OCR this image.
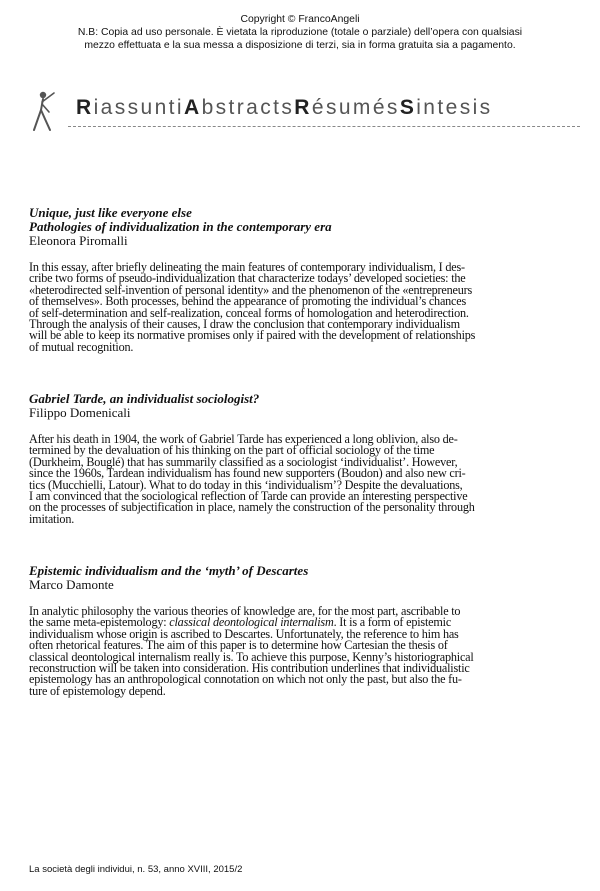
Copyright © FrancoAngeli
N.B: Copia ad uso personale. È vietata la riproduzione (totale o parziale) dell’opera con qualsiasi
mezzo effettuata e la sua messa a disposizione di terzi, sia in forma gratuita sia a pagamento.
RiassuntiAbstractsRésumésSintesis
Unique, just like everyone else
Pathologies of individualization in the contemporary era
Eleonora Piromalli
In this essay, after briefly delineating the main features of contemporary individualism, I des-
cribe two forms of pseudo-individualization that characterize todays’ developed societies: the
«heterodirected self-invention of personal identity» and the phenomenon of the «entrepreneurs
of themselves». Both processes, behind the appearance of promoting the individual’s chances
of self-determination and self-realization, conceal forms of homologation and heterodirection.
Through the analysis of their causes, I draw the conclusion that contemporary individualism
will be able to keep its normative promises only if paired with the development of relationships
of mutual recognition.
Gabriel Tarde, an individualist sociologist?
Filippo Domenicali
After his death in 1904, the work of Gabriel Tarde has experienced a long oblivion, also de-
termined by the devaluation of his thinking on the part of official sociology of the time
(Durkheim, Bouglé) that has summarily classified as a sociologist ‘individualist’. However,
since the 1960s, Tardean individualism has found new supporters (Boudon) and also new cri-
tics (Mucchielli, Latour). What to do today in this ‘individualism’? Despite the devaluations,
I am convinced that the sociological reflection of Tarde can provide an interesting perspective
on the processes of subjectification in place, namely the construction of the personality through
imitation.
Epistemic individualism and the ‘myth’ of Descartes
Marco Damonte
In analytic philosophy the various theories of knowledge are, for the most part, ascribable to
the same meta-epistemology: classical deontological internalism. It is a form of epistemic
individualism whose origin is ascribed to Descartes. Unfortunately, the reference to him has
often rhetorical features. The aim of this paper is to determine how Cartesian the thesis of
classical deontological internalism really is. To achieve this purpose, Kenny’s historiographical
reconstruction will be taken into consideration. His contribution underlines that individualistic
epistemology has an anthropological connotation on which not only the past, but also the fu-
ture of epistemology depend.
La società degli individui, n. 53, anno XVIII, 2015/2
